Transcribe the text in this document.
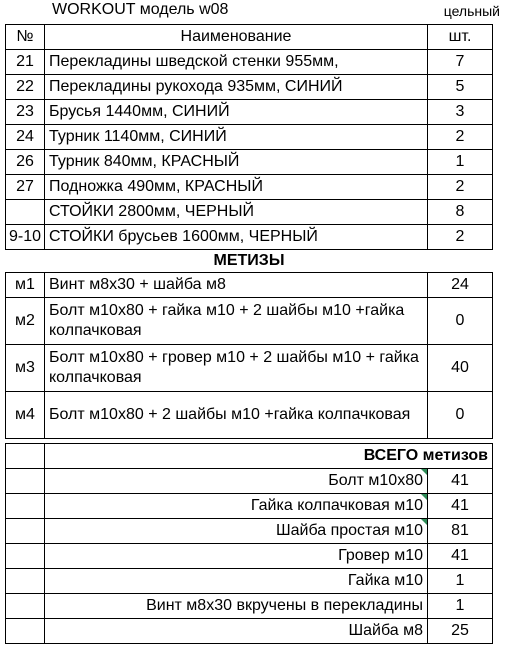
WORKOUT модель w08	цельный
№	Наименование	шт.
21	Перекладины шведской стенки 955мм,	7
22	Перекладины рукохода 935мм, СИНИЙ	5
23	Брусья 1440мм, СИНИЙ	3
24	Турник 1140мм, СИНИЙ	2
26	Турник 840мм, КРАСНЫЙ	1
27	Подножка 490мм, КРАСНЫЙ	2
	СТОЙКИ 2800мм, ЧЕРНЫЙ	8
9-10	СТОЙКИ брусьев 1600мм, ЧЕРНЫЙ	2
МЕТИЗЫ		
м1	Винт м8х30 + шайба м8	24
м2	Болт м10х80 + гайка м10 + 2 шайбы м10 +гайка колпачковая	0
м3	Болт м10х80 + гровер м10 + 2 шайбы м10 + гайка колпачковая	40
м4	Болт м10х80 + 2 шайбы м10 +гайка колпачковая	0

	ВСЕГО метизов	
	Болт м10х80	41
	Гайка колпачковая м10	41
	Шайба простая м10	81
	Гровер м10	41
	Гайка м10	1
	Винт м8х30 вкручены в перекладины	1
	Шайба м8	25
